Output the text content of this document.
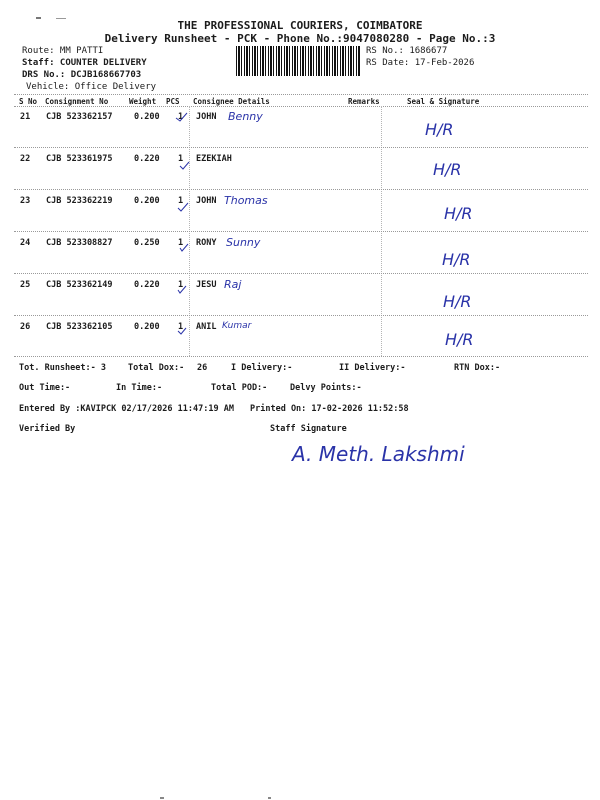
THE PROFESSIONAL COURIERS, COIMBATORE
Delivery Runsheet - PCK - Phone No.:9047080280 - Page No.:3
Route: MM PATTI
Staff: COUNTER DELIVERY
DRS No.: DCJB168667703
Vehicle: Office Delivery
RS No.: 1686677
RS Date: 17-Feb-2026
S No Consignment No	Weight PCS Consignee Details	Remarks	Seal & Signature
21 CJB 523362157	0.200 1 JOHN Benny
H/R
22 CJB 523361975	0.220 1 EZEKIAH
H/R
23 CJB 523362219	0.200 1 JOHN Thomas
H/R
24 CJB 523308827	0.250 1 RONY Sunny
H/R
25 CJB 523362149	0.220 1 JESU Raj
H/R
26 CJB 523362105	0.200 1 ANIL Kumar
H/R
Tot. Runsheet:- 3	Total Dox:- 26	I Delivery:-	II Delivery:-	RTN Dox:-
Out Time:-	In Time:-	Total POD:-	Delvy Points:-
Entered By :KAVIPCK 02/17/2026 11:47:19 AM Printed On: 17-02-2026 11:52:58
Verified By	Staff Signature
A. Meth. Lakshmi
